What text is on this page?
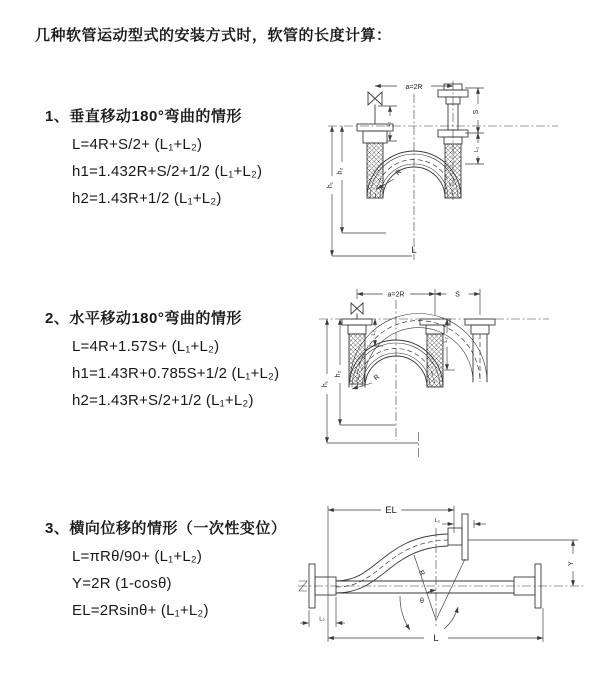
几种软管运动型式的安装方式时，软管的长度计算：
1、垂直移动180°弯曲的情形
L=4R+S/2+ (L₁+L₂)
h1=1.432R+S/2+1/2 (L₁+L₂)
h2=1.43R+1/2 (L₁+L₂)
a=2R
S
L₂
L₁
h₁
h₂	R
L
2、水平移动180°弯曲的情形
L=4R+1.57S+ (L₁+L₂)
h1=1.43R+0.785S+1/2 (L₁+L₂)
h2=1.43R+S/2+1/2 (L₁+L₂)
a=2R	S
h₁
h₂
L₁
L₂
R
3、横向位移的情形（一次性变位）
L=πRθ/90+ (L₁+L₂)
Y=2R (1-cosθ)
EL=2Rsinθ+ (L₁+L₂)
EL
L₁
Y
R
θ
L
L₂
